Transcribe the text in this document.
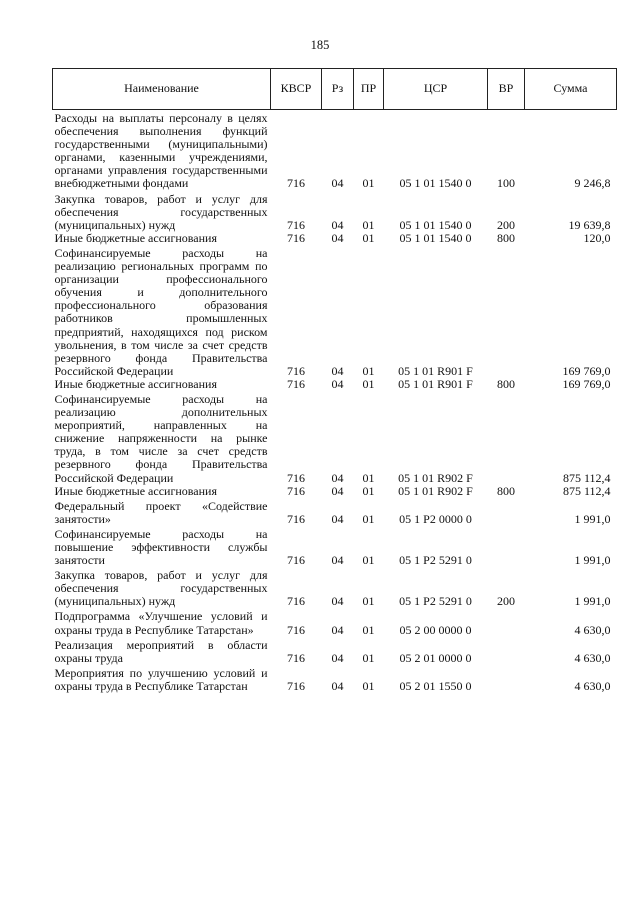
185
Наименование	КВСР	Рз	ПР	ЦСР	ВР	Сумма
Расходы на выплаты персоналу в целях обеспечения выполнения функций государственными (муниципальными) органами, казенными учреждениями, органами управления государственными внебюджетными фондами	716	04	01	05 1 01 1540 0	100	9 246,8
Закупка товаров, работ и услуг для обеспечения государственных (муниципальных) нужд	716	04	01	05 1 01 1540 0	200	19 639,8
Иные бюджетные ассигнования	716	04	01	05 1 01 1540 0	800	120,0
Софинансируемые расходы на реализацию региональных программ по организации профессионального обучения и дополнительного профессионального образования работников промышленных предприятий, находящихся под риском увольнения, в том числе за счет средств резервного фонда Правительства Российской Федерации	716	04	01	05 1 01 R901 F		169 769,0
Иные бюджетные ассигнования	716	04	01	05 1 01 R901 F	800	169 769,0
Софинансируемые расходы на реализацию дополнительных мероприятий, направленных на снижение напряженности на рынке труда, в том числе за счет средств резервного фонда Правительства Российской Федерации	716	04	01	05 1 01 R902 F		875 112,4
Иные бюджетные ассигнования	716	04	01	05 1 01 R902 F	800	875 112,4
Федеральный проект «Содействие занятости»	716	04	01	05 1 P2 0000 0		1 991,0
Софинансируемые расходы на повышение эффективности службы занятости	716	04	01	05 1 P2 5291 0		1 991,0
Закупка товаров, работ и услуг для обеспечения государственных (муниципальных) нужд	716	04	01	05 1 P2 5291 0	200	1 991,0
Подпрограмма «Улучшение условий и охраны труда в Республике Татарстан»	716	04	01	05 2 00 0000 0		4 630,0
Реализация мероприятий в области охраны труда	716	04	01	05 2 01 0000 0		4 630,0
Мероприятия по улучшению условий и охраны труда в Республике Татарстан	716	04	01	05 2 01 1550 0		4 630,0
